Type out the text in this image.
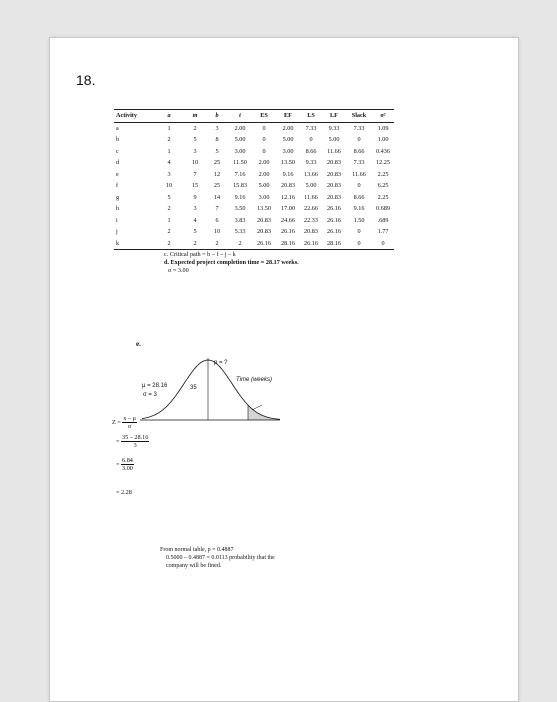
18.
Activity	a	m	b	t	ES	EF	LS	LF	Slack	σ²
a	1	2	3	2.00	0	2.00	7.33	9.33	7.33	1.09
b	2	5	8	5.00	0	5.00	0	5.00	0	1.00
c	1	3	5	3.00	0	3.00	8.66	11.66	8.66	0.436
d	4	10	25	11.50	2.00	13.50	9.33	20.83	7.33	12.25
e	3	7	12	7.16	2.00	9.16	13.66	20.83	11.66	2.25
f	10	15	25	15.83	5.00	20.83	5.00	20.83	0	6.25
g	5	9	14	9.16	3.00	12.16	11.66	20.83	8.66	2.25
h	2	3	7	3.50	13.50	17.00	22.66	26.16	9.16	0.689
i	1	4	6	3.83	20.83	24.66	22.33	26.16	1.50	.689
j	2	5	10	5.33	20.83	26.16	20.83	26.16	0	1.77
k	2	2	2	2	26.16	28.16	26.16	28.16	0	0
c. Critical path = b – f – j – k
d. Expected project completion time = 28.17 weeks.
σ = 3.00
e.
p = ?
Time (weeks)
μ = 28.16
σ = 3
35
$Z = \frac{x - \mu}{\sigma}$
= $\frac{35 - 28.16}{3}$
= $\frac{6.84}{3.00}$
= 2.28
From normal table, p = 0.4887
0.5000 – 0.4887 = 0.0113 probability that the
company will be fined.
